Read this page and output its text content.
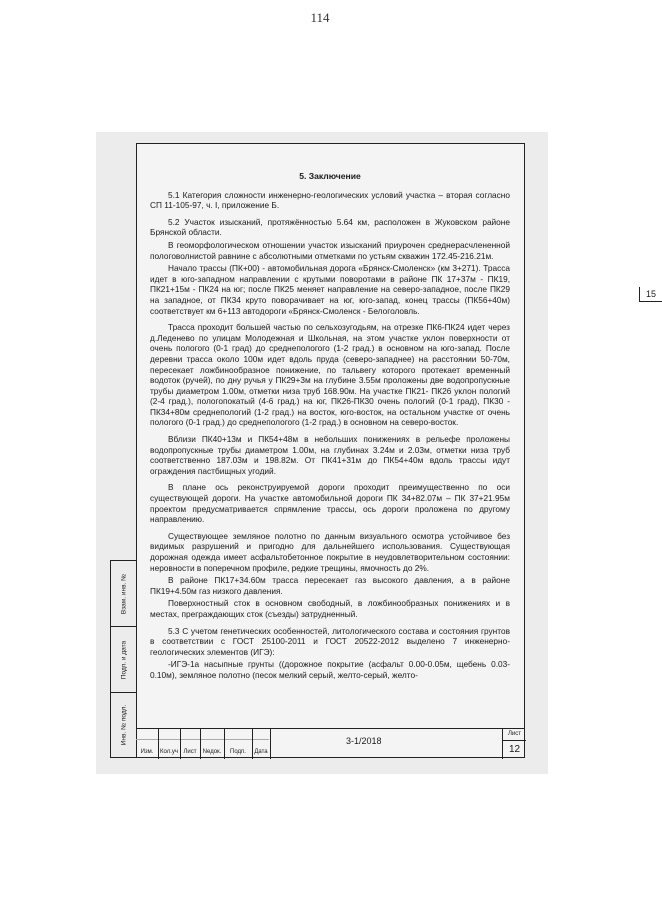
114
15
Взам. инв. №
Подп. и дата
Инв. № подл.
5. Заключение

5.1 Категория сложности инженерно-геологических условий участка – вторая согласно СП 11-105-97, ч. I, приложение Б.

5.2 Участок изысканий, протяжённостью 5.64 км, расположен в Жуковском районе Брянской области.

В геоморфологическом отношении участок изысканий приурочен среднерасчлененной пологоволнистой равнине с абсолютными отметками по устьям скважин 172.45-216.21м.

Начало трассы (ПК+00) - автомобильная дорога «Брянск-Смоленск» (км 3+271). Трасса идет в юго-западном направлении с крутыми поворотами в районе ПК 17+37м - ПК19, ПК21+15м - ПК24 на юг; после ПК25 меняет направление на северо-западное, после ПК29 на западное, от ПК34 круто поворачивает на юг, юго-запад, конец трассы (ПК56+40м) соответствует км 6+113 автодороги «Брянск-Смоленск - Белоголовль.

Трасса проходит большей частью по сельхозугодьям, на отрезке ПК6-ПК24 идет через д.Леденево по улицам Молодежная и Школьная, на этом участке уклон поверхности от очень пологого (0-1 град) до среднепологого (1-2 град.) в основном на юго-запад. После деревни трасса около 100м идет вдоль пруда (северо-западнее) на расстоянии 50-70м, пересекает ложбинообразное понижение, по тальвегу которого протекает временный водоток (ручей), по дну ручья у ПК29+3м на глубине 3.55м проложены две водопропускные трубы диаметром 1.00м, отметки низа труб 168.90м. На участке ПК21- ПК26 уклон пологий (2-4 град.), пологопокатый (4-6 град.) на юг, ПК26-ПК30 очень пологий (0-1 град), ПК30 - ПК34+80м среднепологий (1-2 град.) на восток, юго-восток, на остальном участке от очень пологого (0-1 град.) до среднепологого (1-2 град.) в основном на северо-восток.

Вблизи ПК40+13м и ПК54+48м в небольших понижениях в рельефе проложены водопропускные трубы диаметром 1.00м, на глубинах 3.24м и 2.03м, отметки низа труб соответственно 187.03м и 198.82м. От ПК41+31м до ПК54+40м вдоль трассы идут ограждения пастбищных угодий.

В плане ось реконструируемой дороги проходит преимущественно по оси существующей дороги. На участке автомобильной дороги ПК 34+82.07м – ПК 37+21.95м проектом предусматривается спрямление трассы, ось дороги проложена по другому направлению.

Существующее земляное полотно по данным визуального осмотра устойчивое без видимых разрушений и пригодно для дальнейшего использования. Существующая дорожная одежда имеет асфальтобетонное покрытие в неудовлетворительном состоянии: неровности в поперечном профиле, редкие трещины, ямочность до 2%.

В районе ПК17+34.60м трасса пересекает газ высокого давления, а в районе ПК19+4.50м газ низкого давления.

Поверхностный сток в основном свободный, в ложбинообразных понижениях и в местах, преграждающих сток (съезды) затрудненный.

5.3 С учетом генетических особенностей, литологического состава и состояния грунтов в соответствии с ГОСТ 25100-2011 и ГОСТ 20522-2012 выделено 7 инженерно-геологических элементов (ИГЭ):

-ИГЭ-1а насыпные грунты ((дорожное покрытие (асфальт 0.00-0.05м, щебень 0.03-0.10м), земляное полотно (песок мелкий серый, желто-серый, желто-

Изм.	Кол.уч Лист	Nедок.	Подп.	Дата
3-1/2018
Лист
12
